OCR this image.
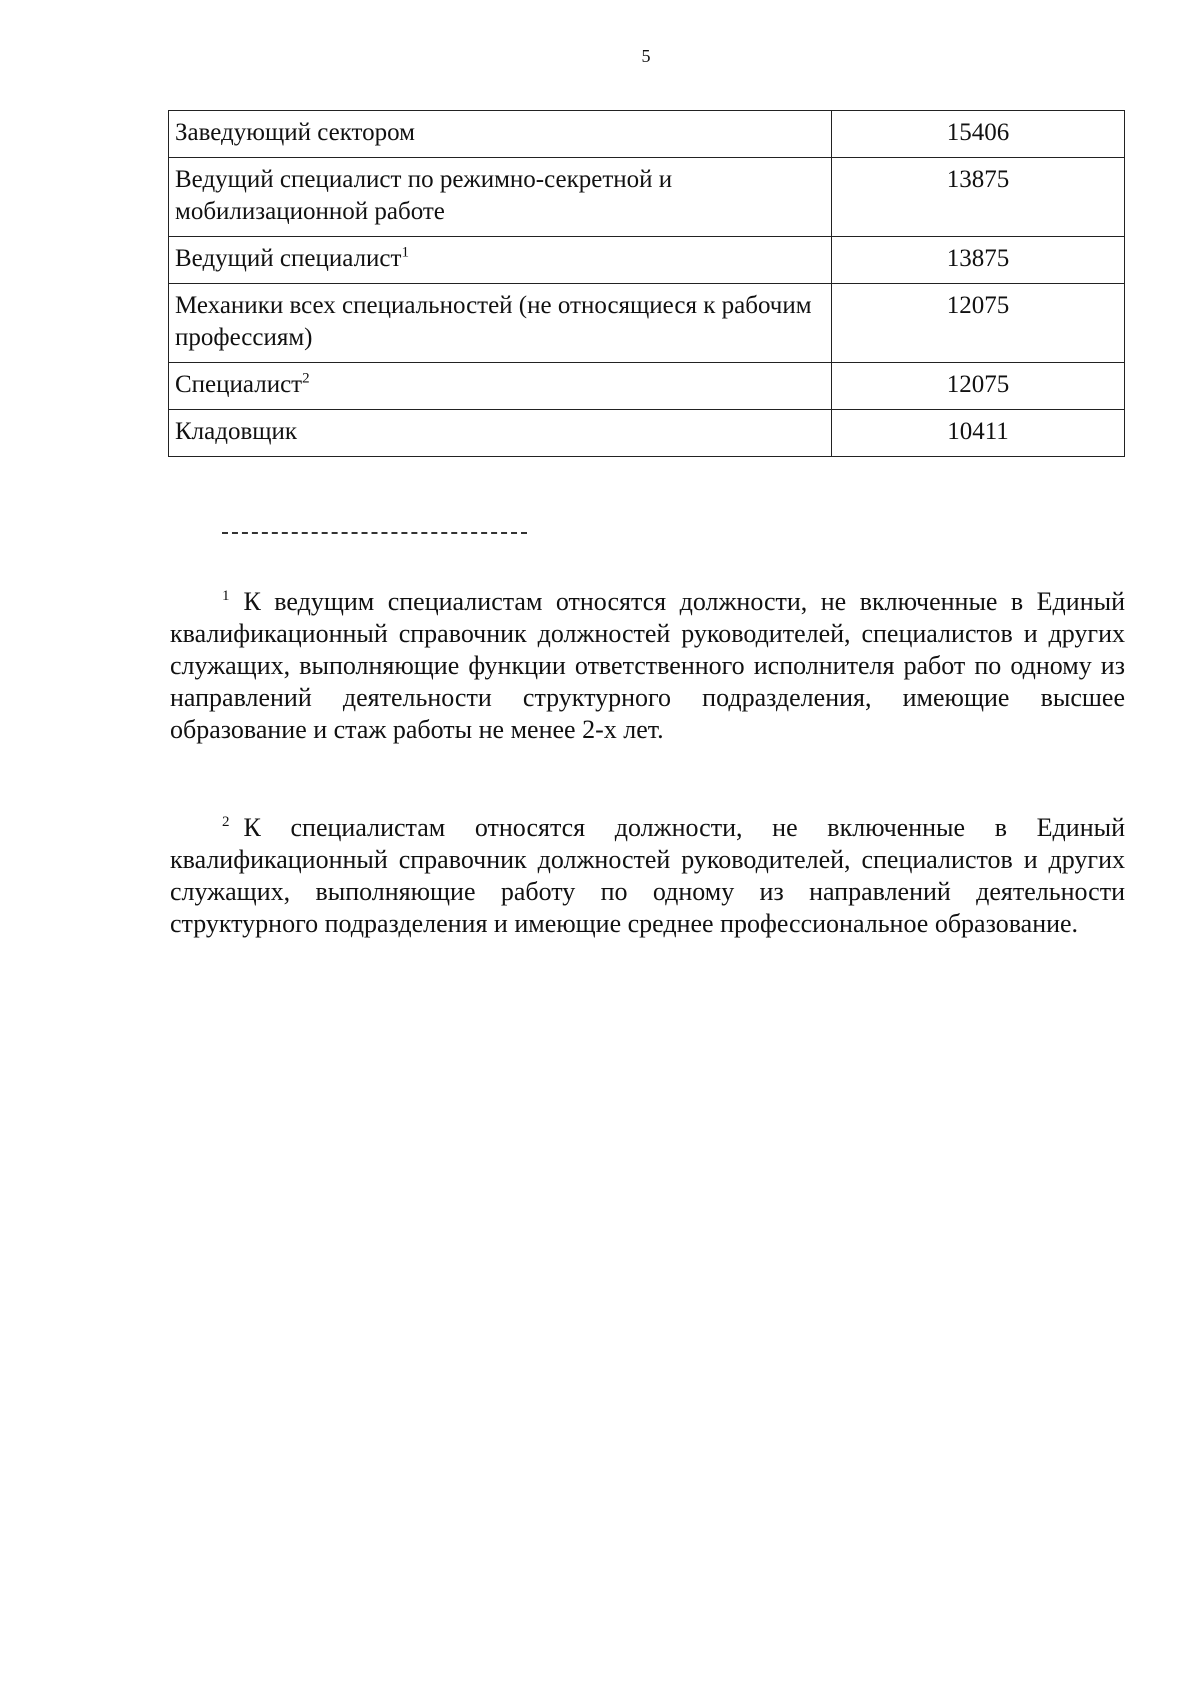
5
Заведующий сектором	15406
Ведущий специалист по режимно-секретной и мобилизационной работе	13875
Ведущий специалист$^1$	13875
Механики всех специальностей (не относящиеся к рабочим профессиям)	12075
Специалист$^2$	12075
Кладовщик	10411

$^1$ К ведущим специалистам относятся должности, не включенные в Единый квалификационный справочник должностей руководителей, специалистов и других служащих, выполняющие функции ответственного исполнителя работ по одному из направлений деятельности структурного подразделения, имеющие высшее образование и стаж работы не менее 2-х лет.

$^2$ К специалистам относятся должности, не включенные в Единый квалификационный справочник должностей руководителей, специалистов и других служащих, выполняющие работу по одному из направлений деятельности структурного подразделения и имеющие среднее профессиональное образование.
